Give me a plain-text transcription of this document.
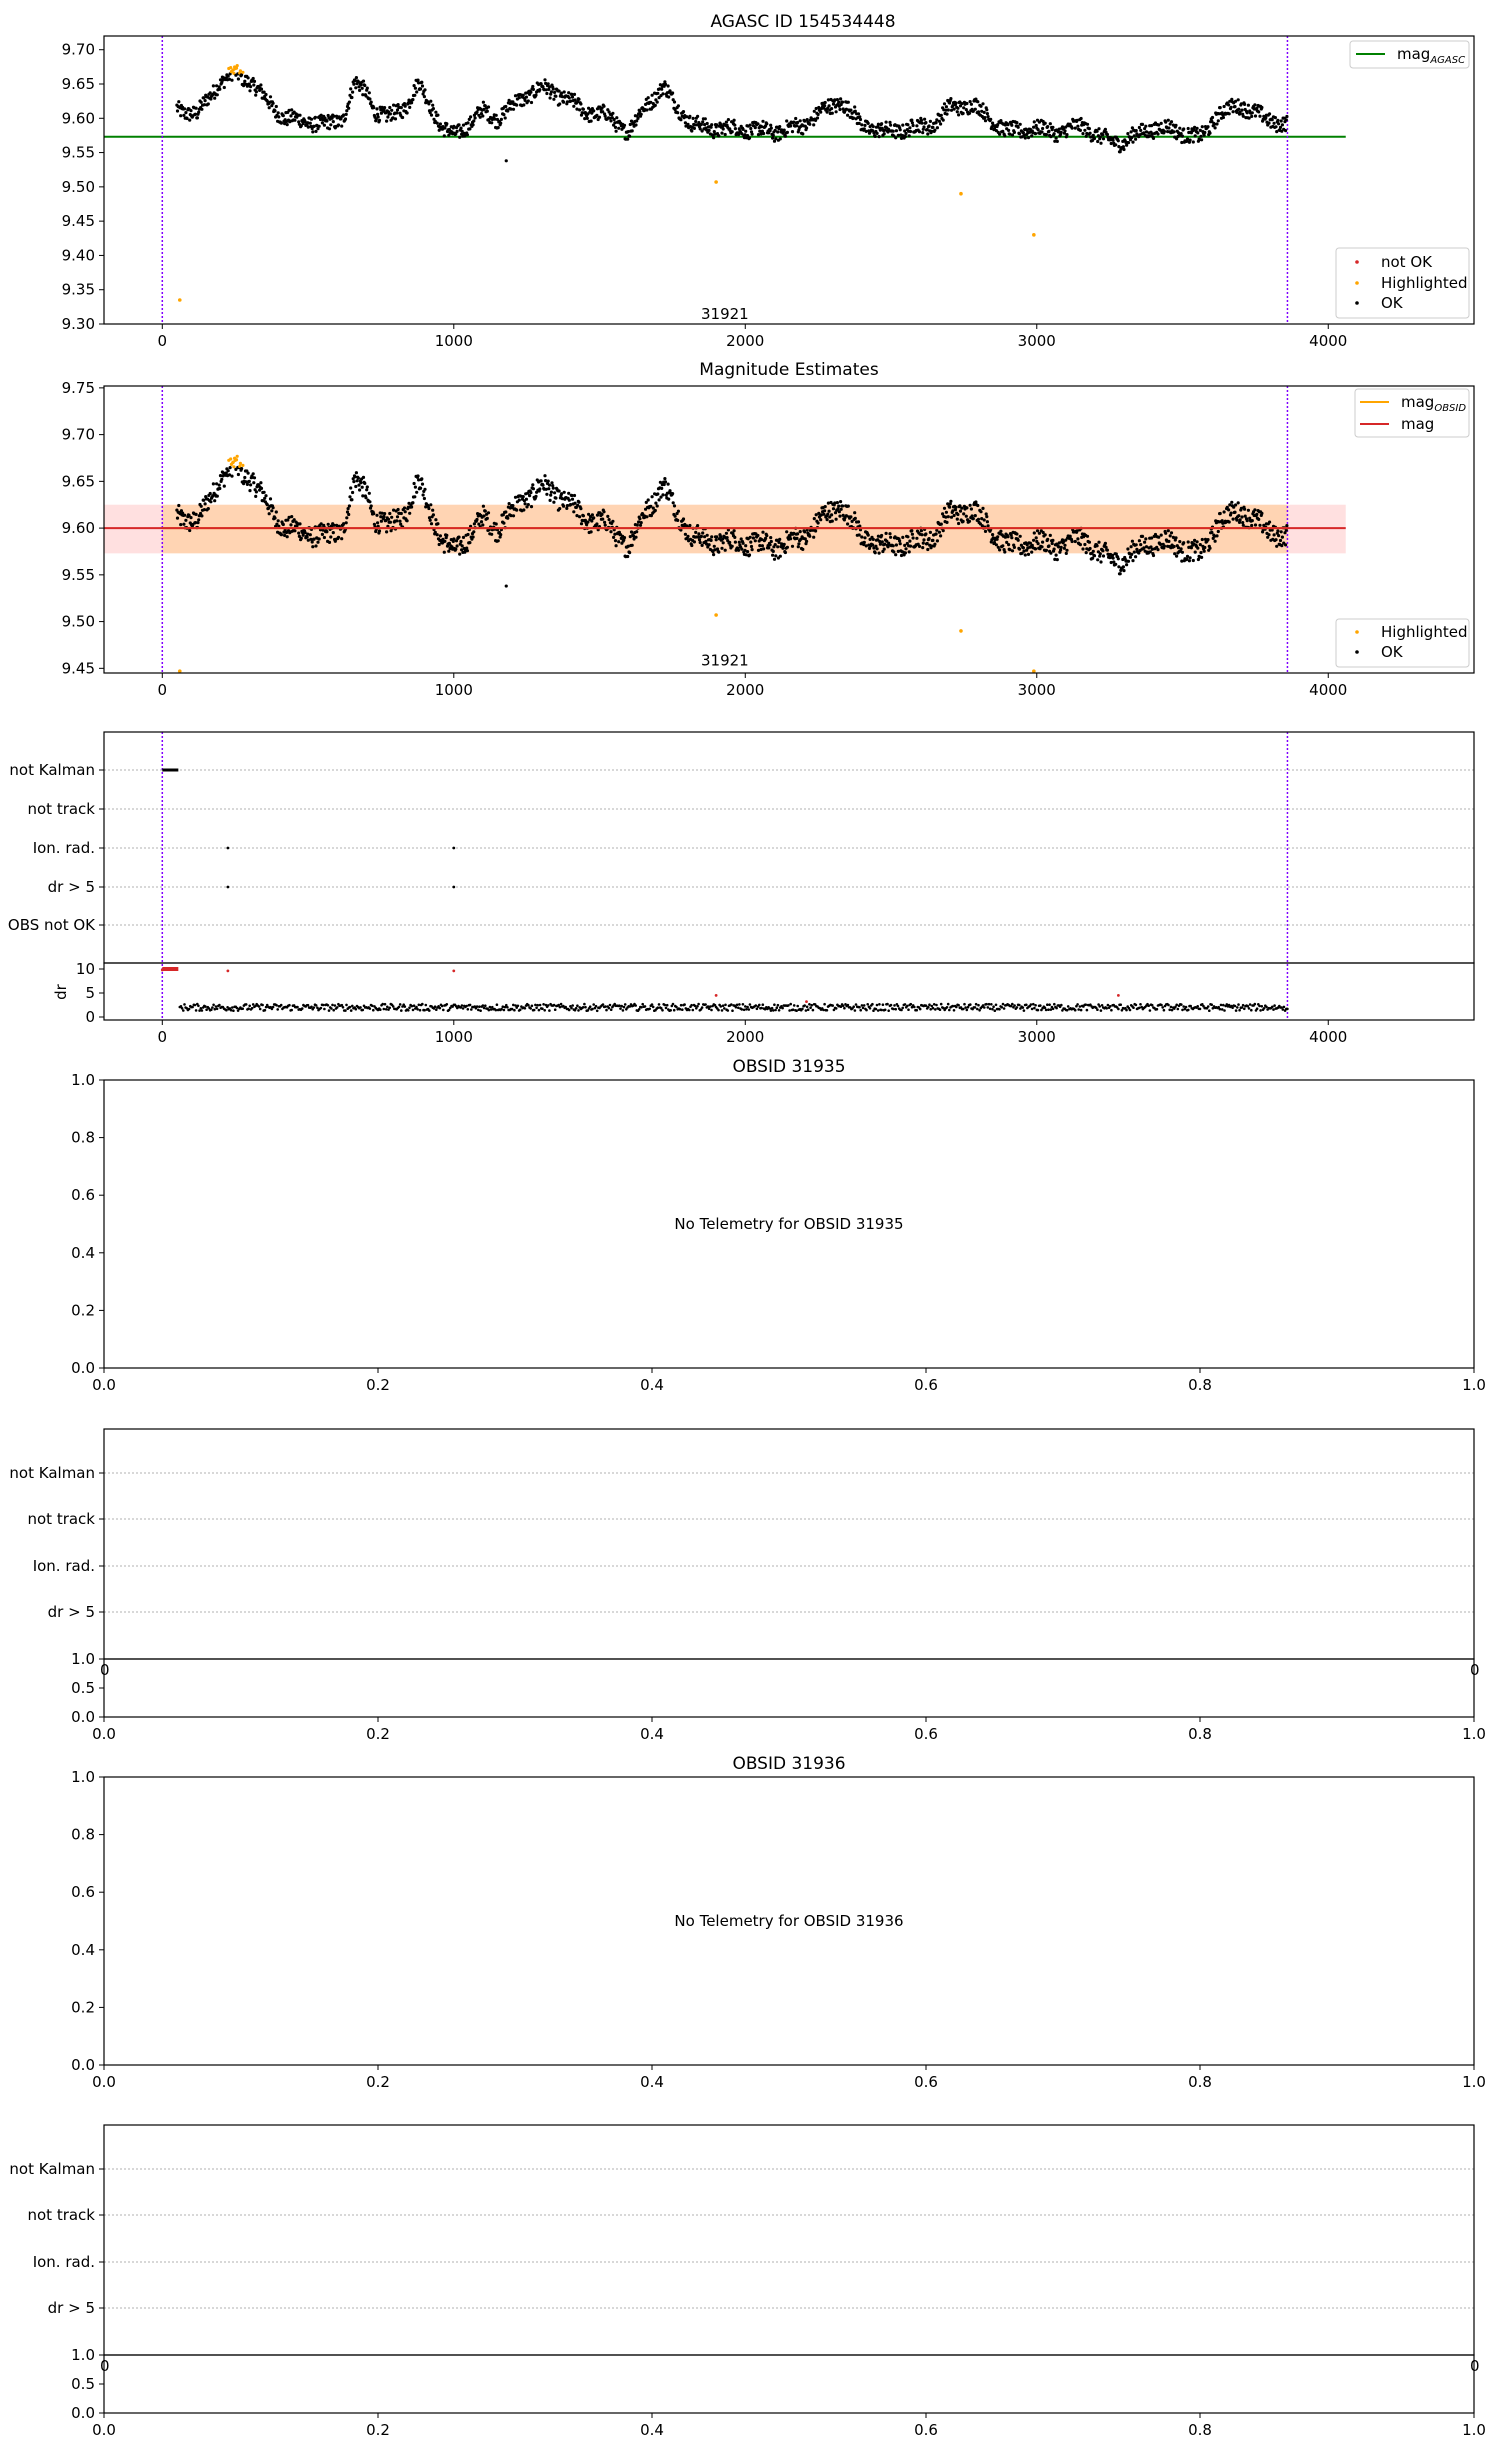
AGASC ID 154534448
0	1000	2000	3000	4000
9.30
9.35
9.40
9.45
9.50
9.55
9.60
9.65
9.70
31921
mag$_{AGASC}$
not OK
Highlighted
OK
Magnitude Estimates
0	1000	2000	3000	4000
9.45
9.50
9.55
9.60
9.65
9.70
9.75
31921
mag$_{OBSID}$
mag
Highlighted
OK
0	1000	2000	3000	4000
not Kalman
not track
Ion. rad.
dr > 5
OBS not OK
0
5
10
dr
OBSID 31935
0.0
0.2
0.4
0.6
0.8
1.0
0.0	0.2	0.4	0.6	0.8	1.0
No Telemetry for OBSID 31935
not Kalman
not track
Ion. rad.
dr > 5
1.0
0	0
0.0
0.5
0.0	0.2	0.4	0.6	0.8	1.0
OBSID 31936
0.0
0.2
0.4
0.6
0.8
1.0
0.0	0.2	0.4	0.6	0.8	1.0
No Telemetry for OBSID 31936
not Kalman
not track
Ion. rad.
dr > 5
1.0
0	0
0.0
0.5
0.0	0.2	0.4	0.6	0.8	1.0
